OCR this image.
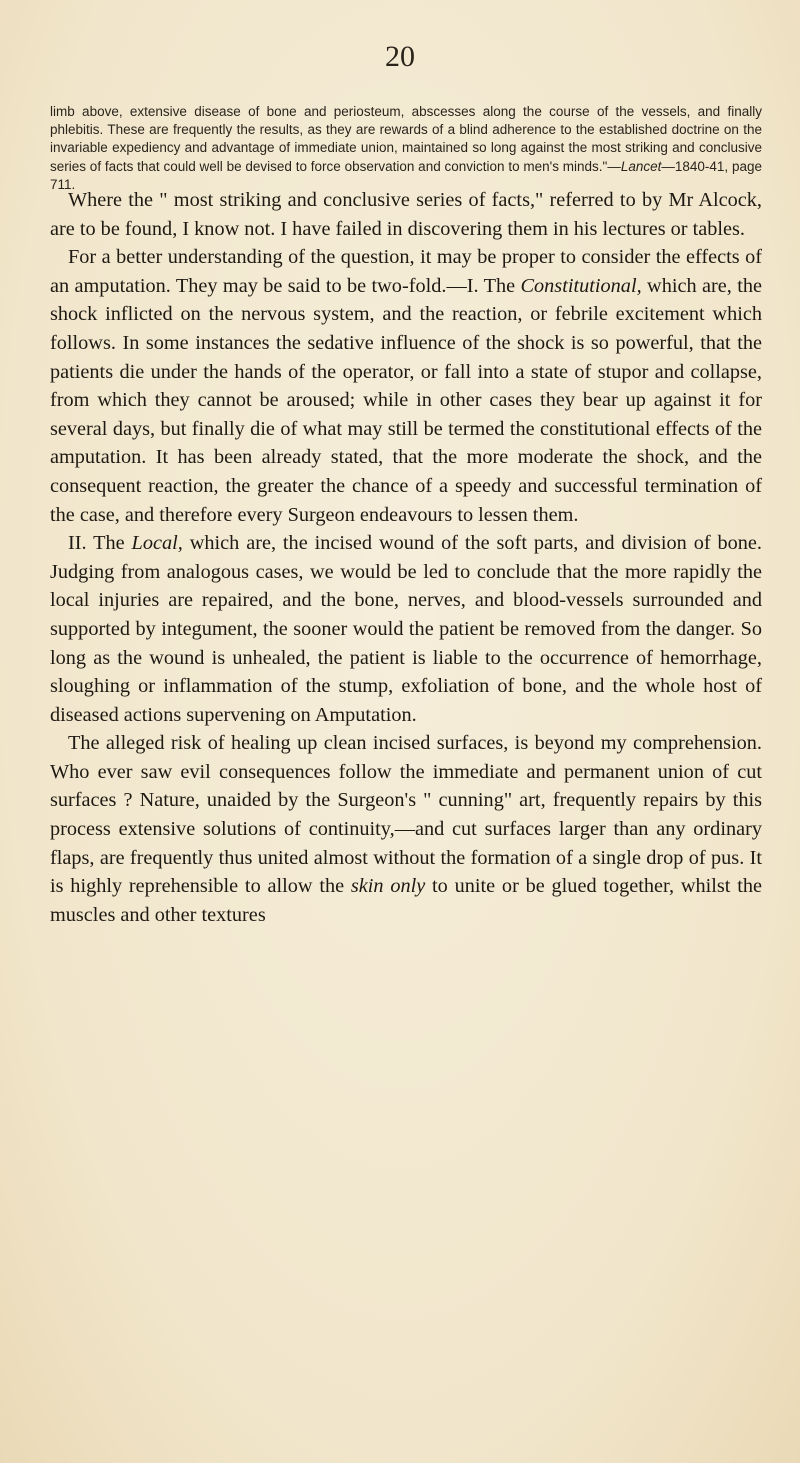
20
limb above, extensive disease of bone and periosteum, abscesses along the course of the vessels, and finally phlebitis. These are frequently the results, as they are rewards of a blind adherence to the established doctrine on the invariable expediency and advantage of immediate union, maintained so long against the most striking and conclusive series of facts that could well be devised to force observation and conviction to men's minds."—Lancet—1840-41, page 711.

Where the " most striking and conclusive series of facts," referred to by Mr Alcock, are to be found, I know not. I have failed in discovering them in his lectures or tables.

For a better understanding of the question, it may be proper to consider the effects of an amputation. They may be said to be two-fold.—I. The Constitutional, which are, the shock inflicted on the nervous system, and the reaction, or febrile excitement which follows. In some instances the sedative influence of the shock is so powerful, that the patients die under the hands of the operator, or fall into a state of stupor and collapse, from which they cannot be aroused; while in other cases they bear up against it for several days, but finally die of what may still be termed the constitutional effects of the amputation. It has been already stated, that the more moderate the shock, and the consequent reaction, the greater the chance of a speedy and successful termination of the case, and therefore every Surgeon endeavours to lessen them.

II. The Local, which are, the incised wound of the soft parts, and division of bone. Judging from analogous cases, we would be led to conclude that the more rapidly the local injuries are repaired, and the bone, nerves, and blood-vessels surrounded and supported by integument, the sooner would the patient be removed from the danger. So long as the wound is unhealed, the patient is liable to the occurrence of hemorrhage, sloughing or inflammation of the stump, exfoliation of bone, and the whole host of diseased actions supervening on Amputation.

The alleged risk of healing up clean incised surfaces, is beyond my comprehension. Who ever saw evil consequences follow the immediate and permanent union of cut surfaces ? Nature, unaided by the Surgeon's " cunning" art, frequently repairs by this process extensive solutions of continuity,—and cut surfaces larger than any ordinary flaps, are frequently thus united almost without the formation of a single drop of pus. It is highly reprehensible to allow the skin only to unite or be glued together, whilst the muscles and other textures
